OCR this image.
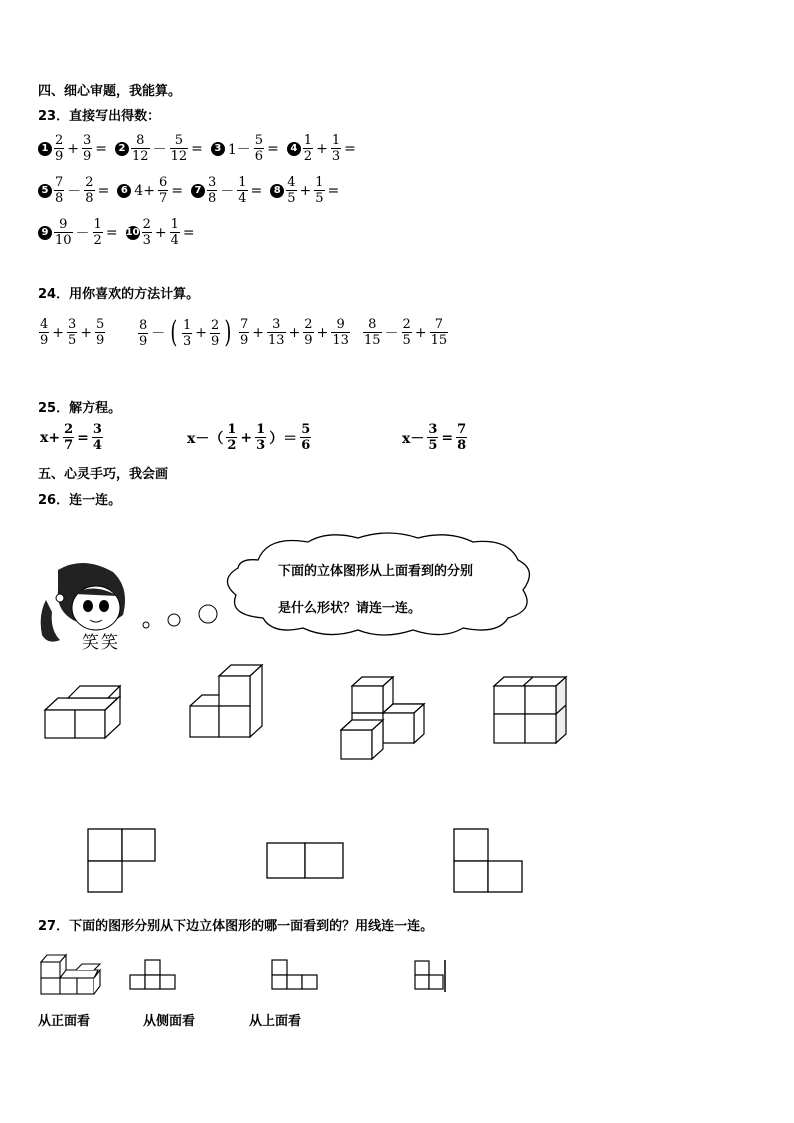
四、细心审题，我能算。
23．直接写出得数：
$1 \frac{2}{9} + \frac{3}{9}$ =	$2 \frac{8}{12} - \frac{5}{12}$ =	3 $1- \frac{5}{6}$ =	$4 \frac{1}{2} + \frac{1}{3}$ =
$5 \frac{7}{8} - \frac{2}{8}$ =	6 $4+ \frac{6}{7}$ =	$7 \frac{3}{8} - \frac{1}{4}$ =	$8 \frac{4}{5} + \frac{1}{5}$ =
$9 \frac{9}{10} - \frac{1}{2} = 10 \frac{2}{3} + \frac{1}{4}$ =
24．用你喜欢的方法计算。
$\frac{4}{9} + \frac{3}{5} + \frac{5}{9}$	$\frac{8}{9}$ － ( $\frac{1}{3} + \frac{2}{9}$ ) $\frac{7}{9} + \frac{3}{13} + \frac{2}{9} + \frac{9}{13} \frac{8}{15} - \frac{2}{5} + \frac{7}{15}$
25．解方程。
$x+ \frac{2}{7} = \frac{3}{4}$	$x-( \frac{1}{2} + \frac{1}{3}$ ）＝ $\frac{5}{6}$	$x- \frac{3}{5} = \frac{7}{8}$
五、心灵手巧，我会画
26．连一连。
笑笑
下面的立体图形从上面看到的分别
是什么形状？请连一连。
27．下面的图形分别从下边立体图形的哪一面看到的？用线连一连。
从正面看	从侧面看	从上面看
